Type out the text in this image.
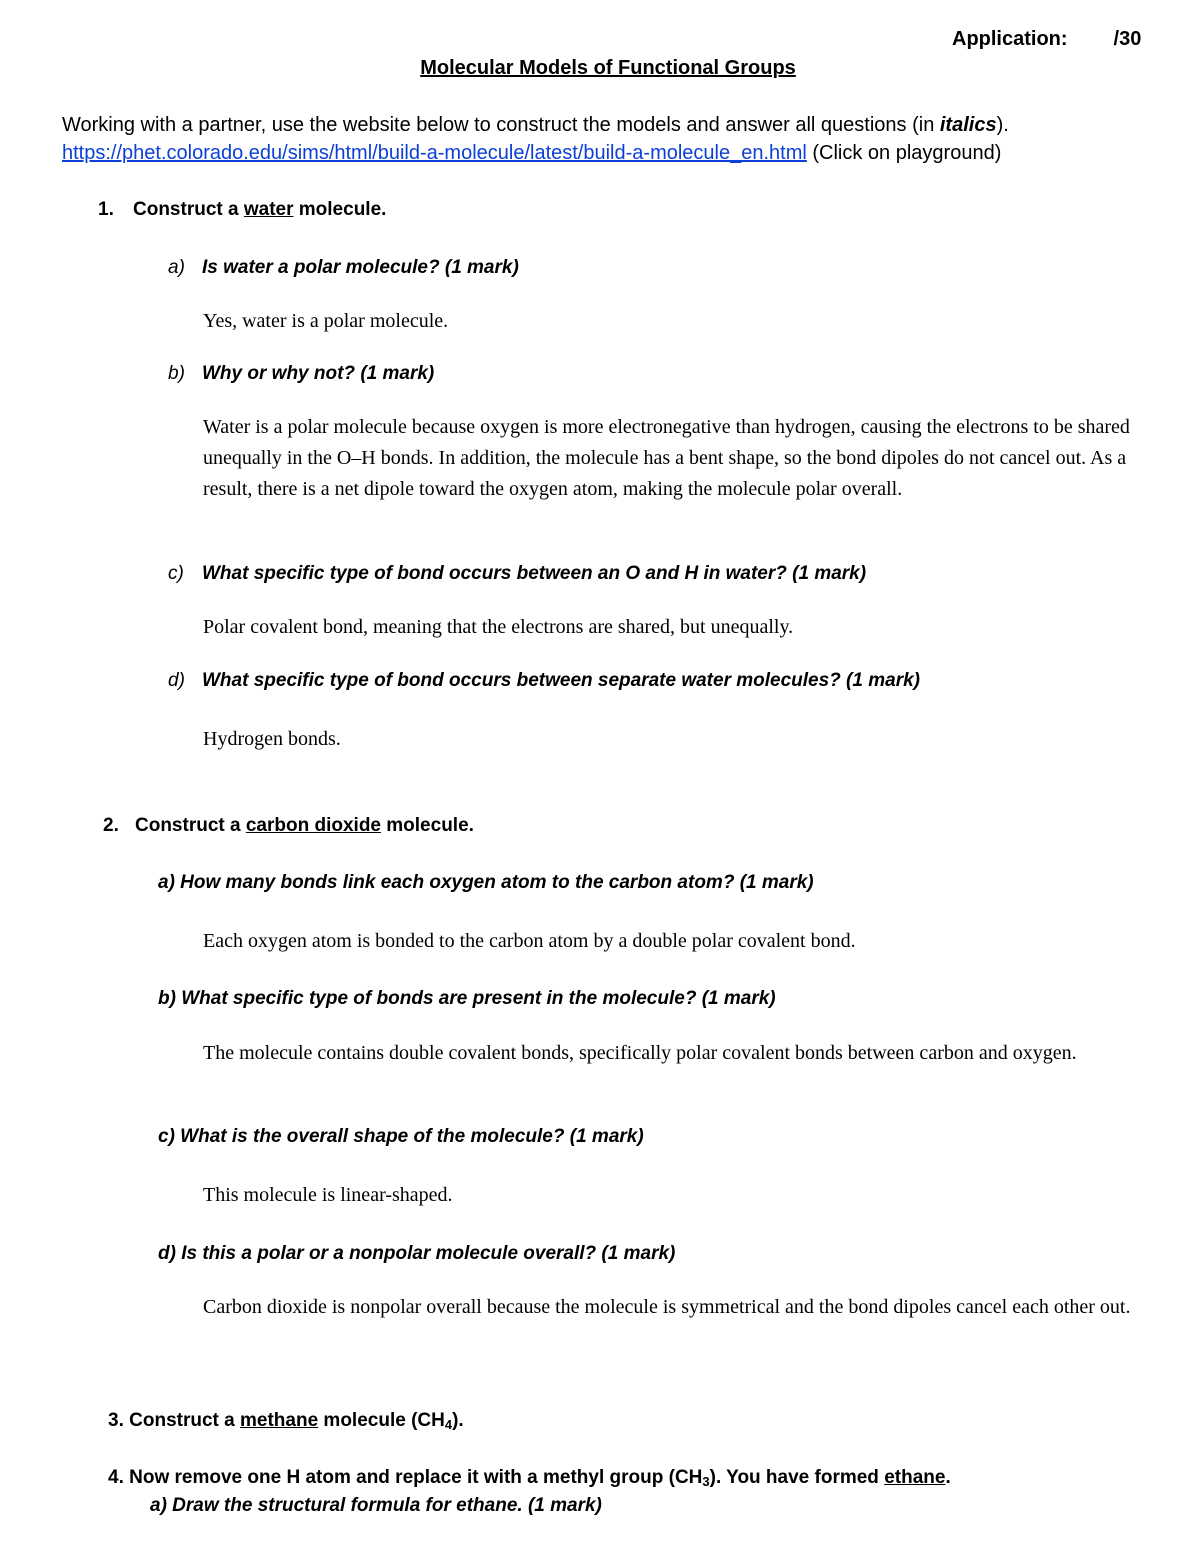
Application: /30
Molecular Models of Functional Groups
Working with a partner, use the website below to construct the models and answer all questions (in italics).
https://phet.colorado.edu/sims/html/build-a-molecule/latest/build-a-molecule_en.html (Click on playground)
1. Construct a water molecule.
a) Is water a polar molecule? (1 mark)
Yes, water is a polar molecule.
b) Why or why not? (1 mark)
Water is a polar molecule because oxygen is more electronegative than hydrogen, causing the electrons to be shared unequally in the O–H bonds. In addition, the molecule has a bent shape, so the bond dipoles do not cancel out. As a result, there is a net dipole toward the oxygen atom, making the molecule polar overall.
c) What specific type of bond occurs between an O and H in water? (1 mark)
Polar covalent bond, meaning that the electrons are shared, but unequally.
d) What specific type of bond occurs between separate water molecules? (1 mark)
Hydrogen bonds.
2. Construct a carbon dioxide molecule.
a) How many bonds link each oxygen atom to the carbon atom? (1 mark)
Each oxygen atom is bonded to the carbon atom by a double polar covalent bond.
b) What specific type of bonds are present in the molecule? (1 mark)
The molecule contains double covalent bonds, specifically polar covalent bonds between carbon and oxygen.
c) What is the overall shape of the molecule? (1 mark)
This molecule is linear-shaped.
d) Is this a polar or a nonpolar molecule overall? (1 mark)
Carbon dioxide is nonpolar overall because the molecule is symmetrical and the bond dipoles cancel each other out.
3. Construct a methane molecule $(CH_4)$.
4. Now remove one H atom and replace it with a methyl group $(CH_3)$. You have formed ethane.
a) Draw the structural formula for ethane. (1 mark)
